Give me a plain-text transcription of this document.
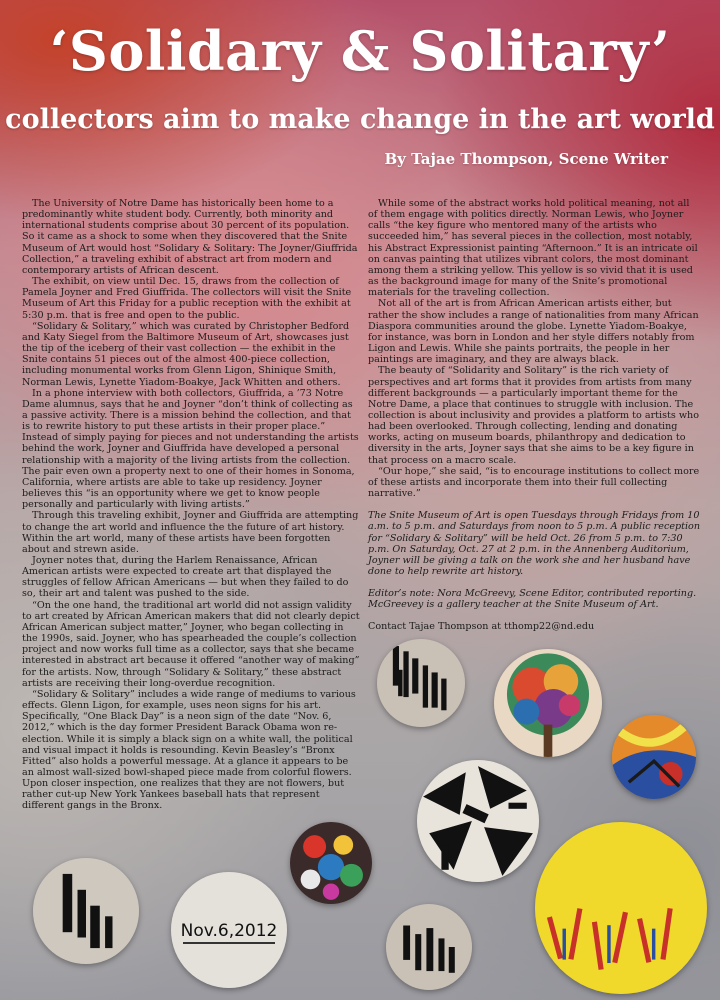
‘Solidary & Solitary’
collectors aim to make change in the art world
By Tajae Thompson, Scene Writer

The University of Notre Dame has historically been home to a predominantly white student body. Currently, both minority and international students comprise about 30 percent of its population. So it came as a shock to some when they discovered that the Snite Museum of Art would host “Solidary & Solitary: The Joyner/Giuffrida Collection,” a traveling exhibit of abstract art from modern and contemporary artists of African descent.

The exhibit, on view until Dec. 15, draws from the collection of Pamela Joyner and Fred Giuffrida. The collectors will visit the Snite Museum of Art this Friday for a public reception with the exhibit at 5:30 p.m. that is free and open to the public.

“Solidary & Solitary,” which was curated by Christopher Bedford and Katy Siegel from the Baltimore Museum of Art, showcases just the tip of the iceberg of their vast collection — the exhibit in the Snite contains 51 pieces out of the almost 400-piece collection, including monumental works from Glenn Ligon, Shinique Smith, Norman Lewis, Lynette Yiadom-Boakye, Jack Whitten and others.

In a phone interview with both collectors, Giuffrida, a ’73 Notre Dame alumnus, says that he and Joyner “don’t think of collecting as a passive activity. There is a mission behind the collection, and that is to rewrite history to put these artists in their proper place.” Instead of simply paying for pieces and not understanding the artists behind the work, Joyner and Giuffrida have developed a personal relationship with a majority of the living artists from the collection. The pair even own a property next to one of their homes in Sonoma, California, where artists are able to take up residency. Joyner believes this “is an opportunity where we get to know people personally and particularly with living artists.”

Through this traveling exhibit, Joyner and Giuffrida are attempting to change the art world and influence the the future of art history. Within the art world, many of these artists have been forgotten about and strewn aside.

Joyner notes that, during the Harlem Renaissance, African American artists were expected to create art that displayed the struggles of fellow African Americans — but when they failed to do so, their art and talent was pushed to the side.

“On the one hand, the traditional art world did not assign validity to art created by African American makers that did not clearly depict African American subject matter,” Joyner, who began collecting in the 1990s, said. Joyner, who has spearheaded the couple’s collection project and now works full time as a collector, says that she became interested in abstract art because it offered “another way of making” for the artists. Now, through “Solidary & Solitary,” these abstract artists are receiving their long-overdue recognition.

“Solidary & Solitary” includes a wide range of mediums to various effects. Glenn Ligon, for example, uses neon signs for his art. Specifically, “One Black Day” is a neon sign of the date “Nov. 6, 2012,” which is the day former President Barack Obama won re-election. While it is simply a black sign on a white wall, the political and visual impact it holds is resounding. Kevin Beasley’s “Bronx Fitted” also holds a powerful message. At a glance it appears to be an almost wall-sized bowl-shaped piece made from colorful flowers. Upon closer inspection, one realizes that they are not flowers, but rather cut-up New York Yankees baseball hats that represent different gangs in the Bronx.

While some of the abstract works hold political meaning, not all of them engage with politics directly. Norman Lewis, who Joyner calls “the key figure who mentored many of the artists who succeeded him,” has several pieces in the collection, most notably, his Abstract Expressionist painting “Afternoon.” It is an intricate oil on canvas painting that utilizes vibrant colors, the most dominant among them a striking yellow. This yellow is so vivid that it is used as the background image for many of the Snite’s promotional materials for the traveling collection.

Not all of the art is from African American artists either, but rather the show includes a range of nationalities from many African Diaspora communities around the globe. Lynette Yiadom-Boakye, for instance, was born in London and her style differs notably from Ligon and Lewis. While she paints portraits, the people in her paintings are imaginary, and they are always black.

The beauty of “Solidarity and Solitary” is the rich variety of perspectives and art forms that it provides from artists from many different backgrounds — a particularly important theme for the Notre Dame, a place that continues to struggle with inclusion. The collection is about inclusivity and provides a platform to artists who had been overlooked. Through collecting, lending and donating works, acting on museum boards, philanthropy and dedication to diversity in the arts, Joyner says that she aims to be a key figure in that process on a macro scale.

“Our hope,” she said, “is to encourage institutions to collect more of these artists and incorporate them into their full collecting narrative.”

The Snite Museum of Art is open Tuesdays through Fridays from 10 a.m. to 5 p.m. and Saturdays from noon to 5 p.m. A public reception for “Solidary & Solitary” will be held Oct. 26 from 5 p.m. to 7:30 p.m. On Saturday, Oct. 27 at 2 p.m. in the Annenberg Auditorium, Joyner will be giving a talk on the work she and her husband have done to help rewrite art history.

Editor’s note: Nora McGreevy, Scene Editor, contributed reporting. McGreevey is a gallery teacher at the Snite Museum of Art.

Contact Tajae Thompson at tthomp22@nd.edu

Nov.6,2012
